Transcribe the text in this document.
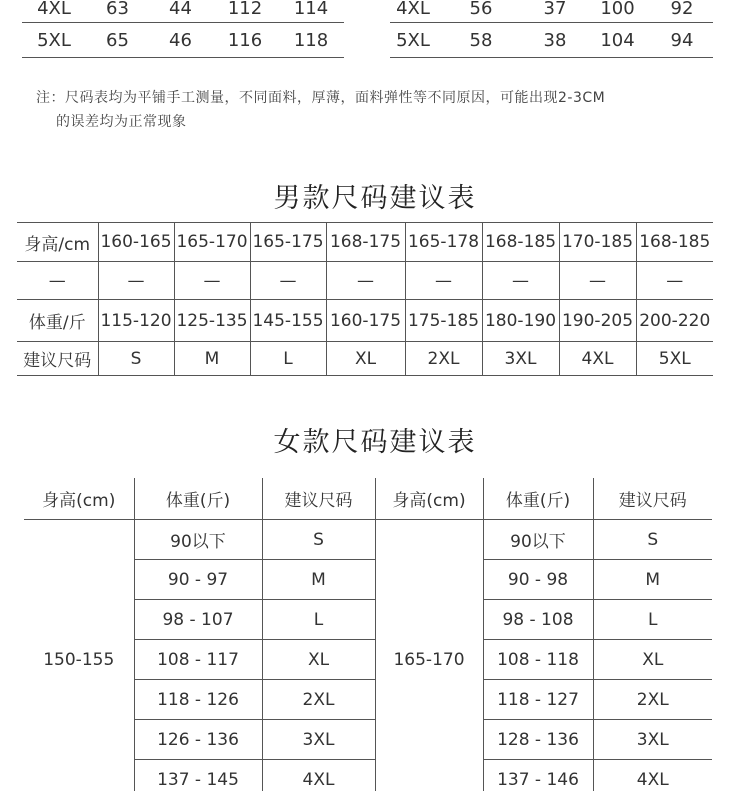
4XL	63	44	112	114
5XL	65	46	116	118
4XL	56	37	100	92
5XL	58	38	104	94
注：尺码表均为平铺手工测量，不同面料，厚薄，面料弹性等不同原因，可能出现2-3CM
的误差均为正常现象
男款尺码建议表
身高/cm	160-165	165-170	165-175	168-175	165-178	168-185	170-185	168-185
—	—	—	—	—	—	—	—	—
体重/斤	115-120	125-135	145-155	160-175	175-185	180-190	190-205	200-220
建议尺码	S	M	L	XL	2XL	3XL	4XL	5XL
女款尺码建议表
身高(cm)	体重(斤)	建议尺码	身高(cm)	体重(斤)	建议尺码
150-155	90以下	S	165-170	90以下	S
	90 - 97	M		90 - 98	M
	98 - 107	L		98 - 108	L
	108 - 117	XL		108 - 118	XL
	118 - 126	2XL		118 - 127	2XL
	126 - 136	3XL		128 - 136	3XL
	137 - 145	4XL		137 - 146	4XL
